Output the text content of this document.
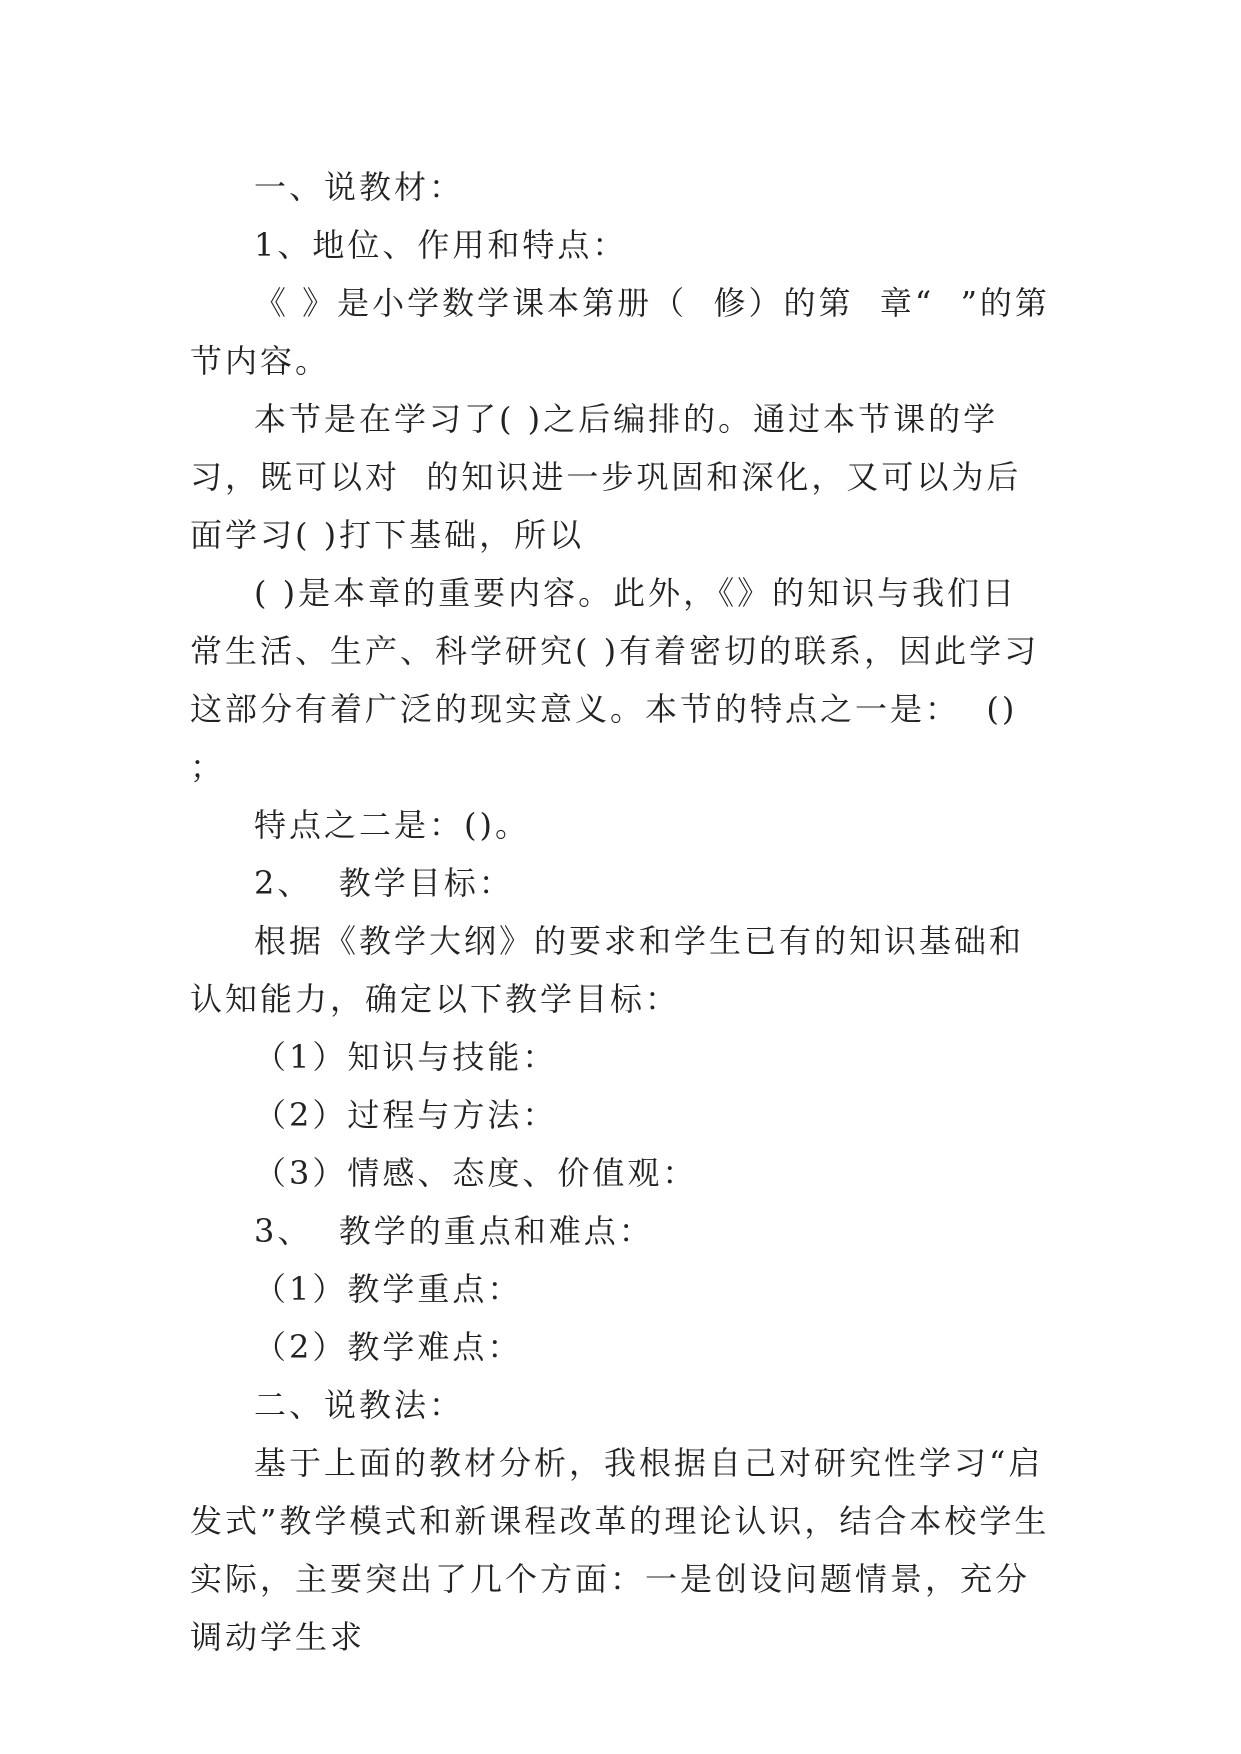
一、说教材：

1、地位、作用和特点：

《 》是小学数学课本第册（  修）的第  章“  ”的第节内容。

本节是在学习了( )之后编排的。通过本节课的学习，既可以对  的知识进一步巩固和深化，又可以为后面学习( )打下基础，所以

( )是本章的重要内容。此外，《》的知识与我们日常生活、生产、科学研究( )有着密切的联系，因此学习这部分有着广泛的现实意义。本节的特点之一是：  ()  ；

特点之二是：()。

2、  教学目标：

根据《教学大纲》的要求和学生已有的知识基础和认知能力，确定以下教学目标：

（1）知识与技能：

（2）过程与方法：

（3）情感、态度、价值观：

3、  教学的重点和难点：

（1）教学重点：

（2）教学难点：

二、说教法：

基于上面的教材分析，我根据自己对研究性学习“启发式”教学模式和新课程改革的理论认识，结合本校学生实际，主要突出了几个方面：一是创设问题情景，充分调动学生求
